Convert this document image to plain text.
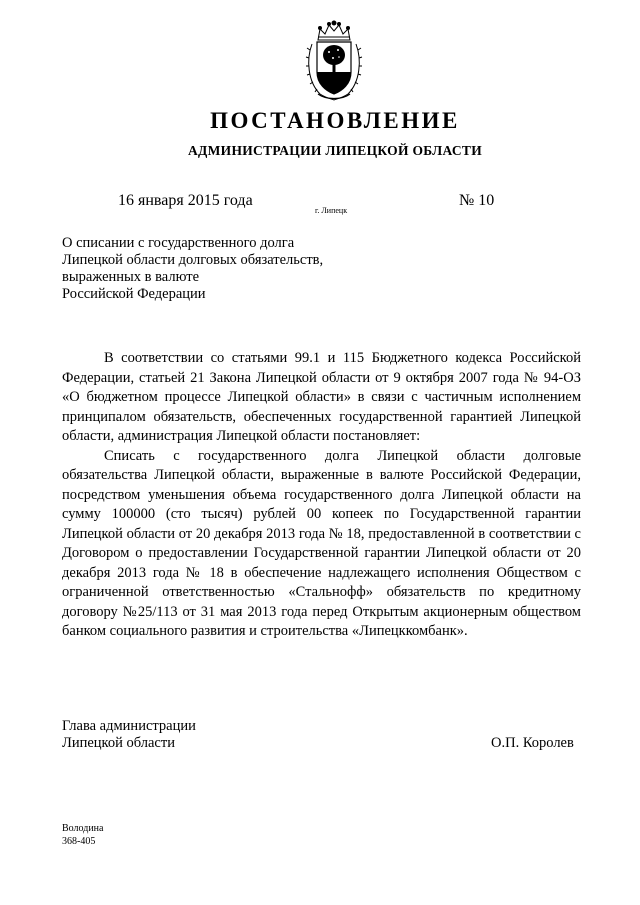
ПОСТАНОВЛЕНИЕ
АДМИНИСТРАЦИИ ЛИПЕЦКОЙ ОБЛАСТИ
16 января 2015 года
г. Липецк
№ 10
О списании с государственного долга
Липецкой области долговых обязательств,
выраженных в валюте
Российской Федерации

В соответствии со статьями 99.1 и 115 Бюджетного кодекса Российской Федерации, статьей 21 Закона Липецкой области от 9 октября 2007 года № 94-ОЗ «О бюджетном процессе Липецкой области» в связи с частичным исполнением принципалом обязательств, обеспеченных государственной гарантией Липецкой области, администрация Липецкой области постановляет:

Списать с государственного долга Липецкой области долговые обязательства Липецкой области, выраженные в валюте Российской Федерации, посредством уменьшения объема государственного долга Липецкой области на сумму 100000 (сто тысяч) рублей 00 копеек по Государственной гарантии Липецкой области от 20 декабря 2013 года № 18, предоставленной в соответствии с Договором о предоставлении Государственной гарантии Липецкой области от 20 декабря 2013 года № 18 в обеспечение надлежащего исполнения Обществом с ограниченной ответственностью «Стальнофф» обязательств по кредитному договору №25/113 от 31 мая 2013 года перед Открытым акционерным обществом банком социального развития и строительства «Липецккомбанк».

Глава администрации
Липецкой области	О.П. Королев
Володина
368-405
